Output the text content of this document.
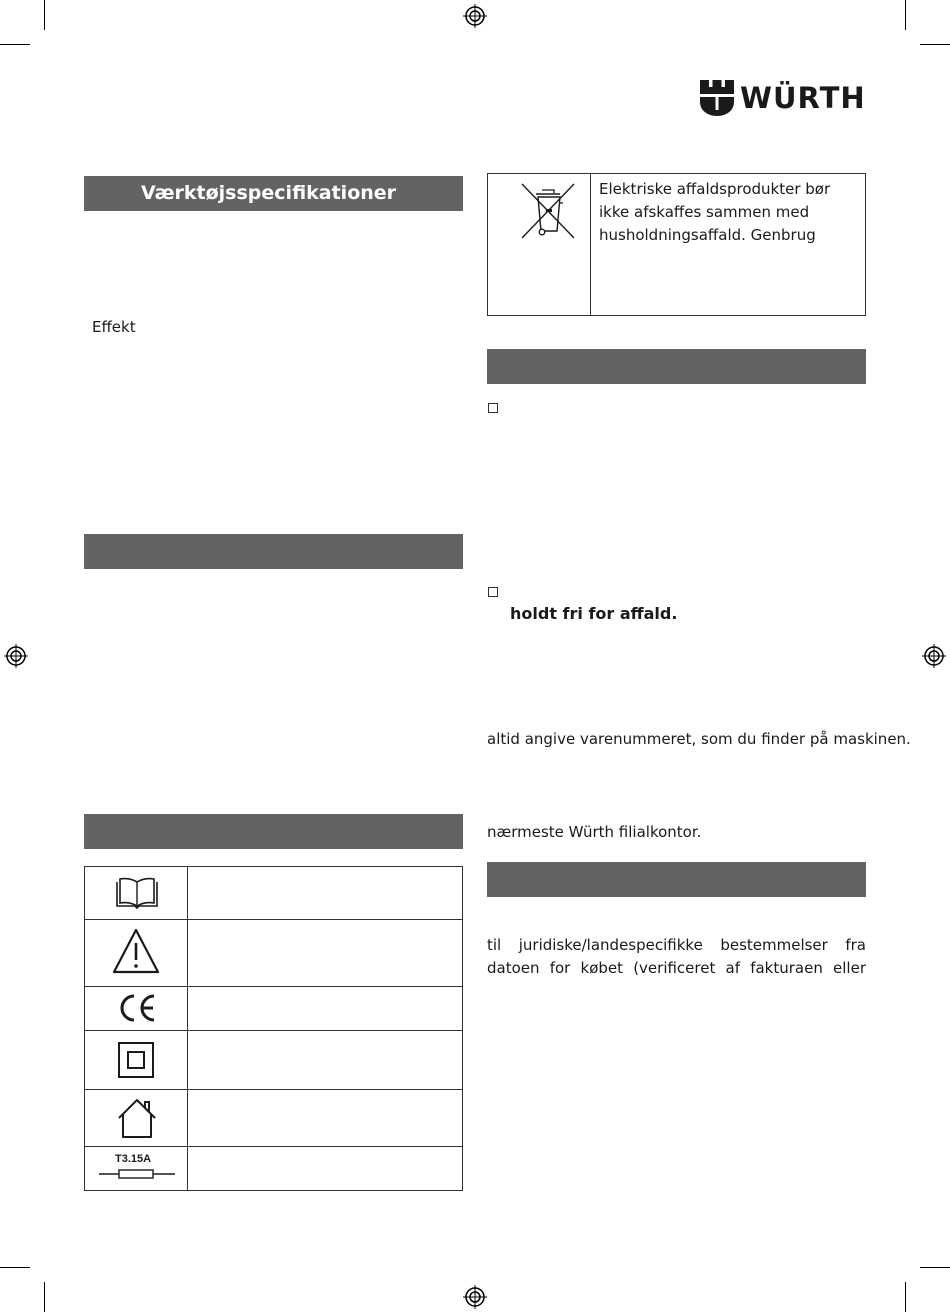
WÜRTH
Værktøjsspecifikationer
Effekt
T3.15A
Elektriske affaldsprodukter bør
ikke afskaffes sammen med
husholdningsaffald. Genbrug
holdt fri for affald.
altid angive varenummeret, som du finder på maskinen.
nærmeste Würth filialkontor.
til juridiske/landespecifikke bestemmelser fra
datoen for købet (verificeret af fakturaen eller
